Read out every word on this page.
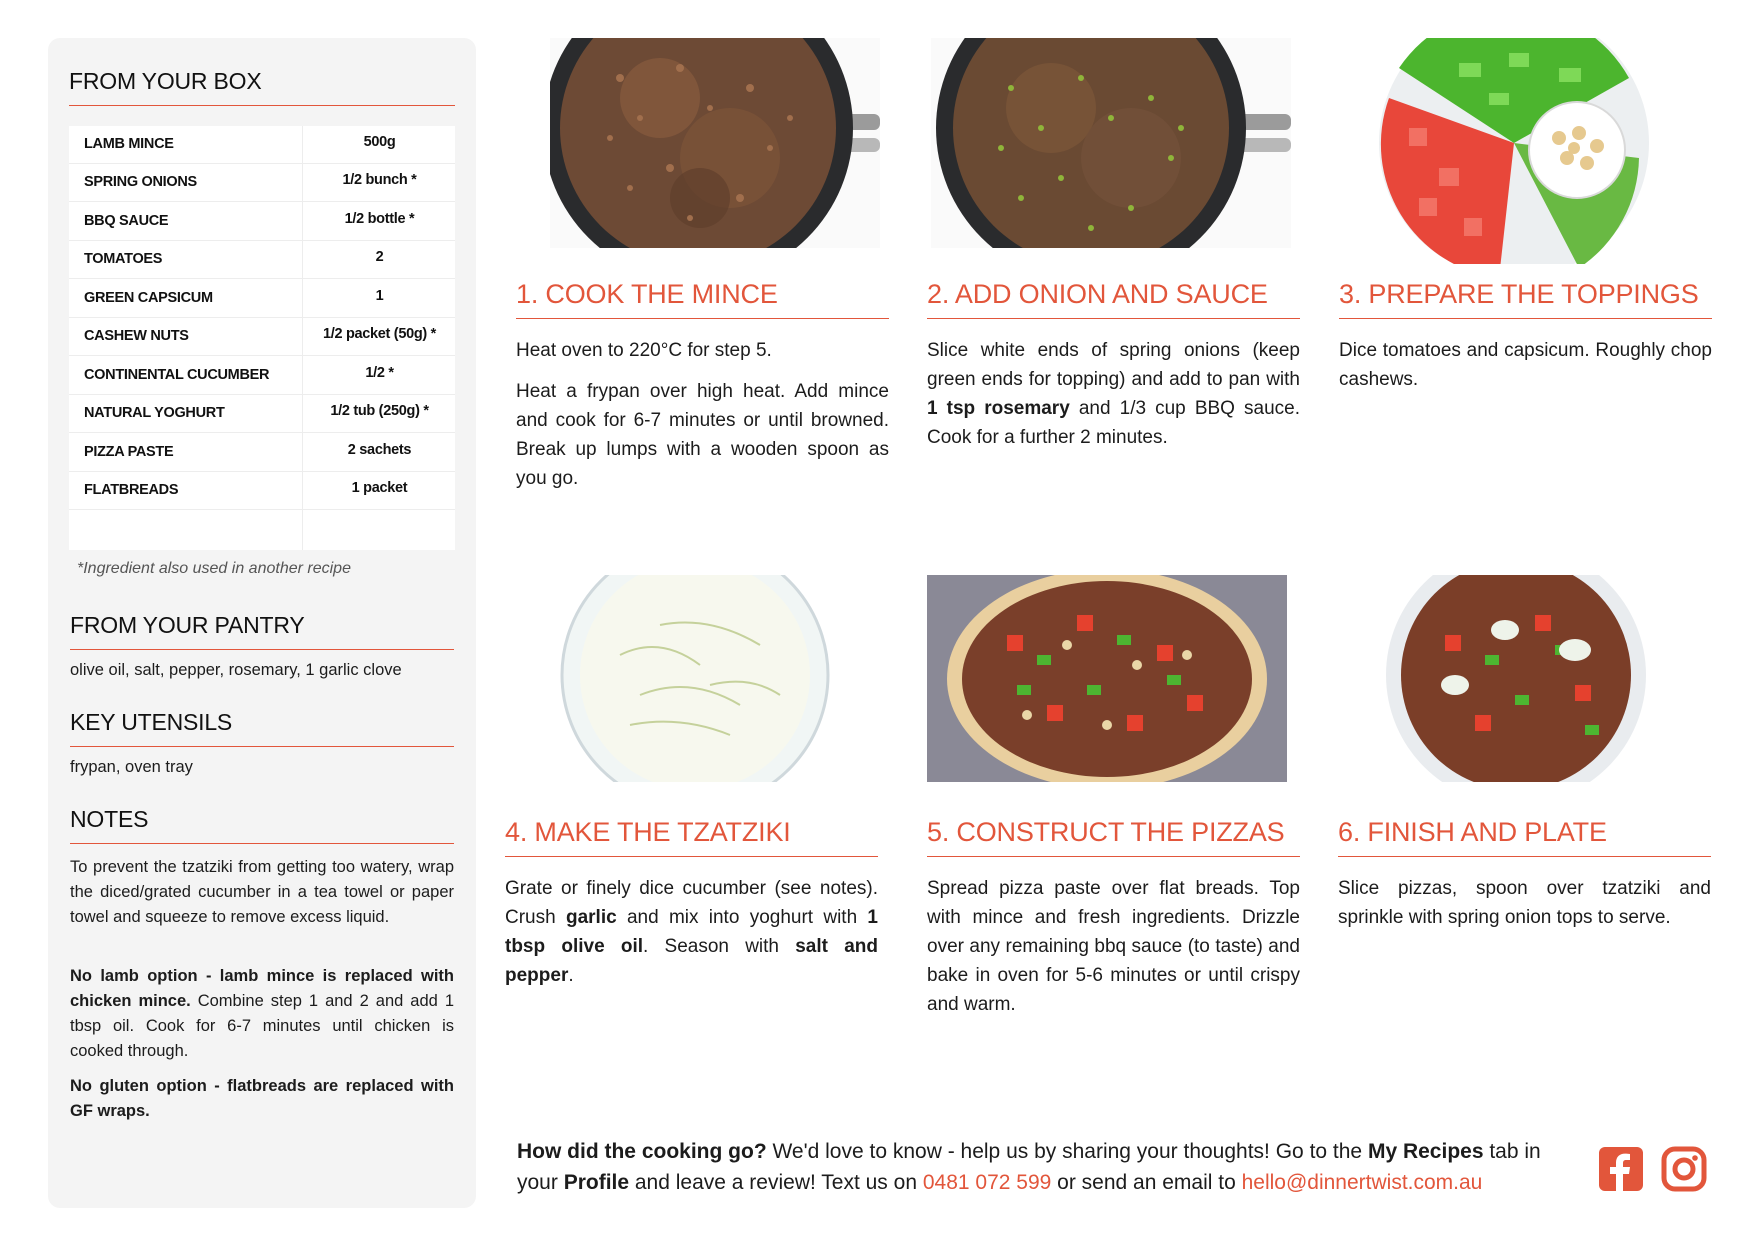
FROM YOUR BOX
LAMB MINCE	500g
SPRING ONIONS	1/2 bunch *
BBQ SAUCE	1/2 bottle *
TOMATOES	2
GREEN CAPSICUM	1
CASHEW NUTS	1/2 packet (50g) *
CONTINENTAL CUCUMBER	1/2 *
NATURAL YOGHURT	1/2 tub (250g) *
PIZZA PASTE	2 sachets
FLATBREADS	1 packet
*Ingredient also used in another recipe
FROM YOUR PANTRY
olive oil, salt, pepper, rosemary, 1 garlic clove
KEY UTENSILS
frypan, oven tray
NOTES

To prevent the tzatziki from getting too watery, wrap the diced/grated cucumber in a tea towel or paper towel and squeeze to remove excess liquid.

No lamb option - lamb mince is replaced with chicken mince. Combine step 1 and 2 and add 1 tbsp oil. Cook for 6-7 minutes until chicken is cooked through.

No gluten option - flatbreads are replaced with GF wraps.

1. COOK THE MINCE

Heat oven to 220°C for step 5.

Heat a frypan over high heat. Add mince and cook for 6-7 minutes or until browned. Break up lumps with a wooden spoon as you go.

2. ADD ONION AND SAUCE

Slice white ends of spring onions (keep green ends for topping) and add to pan with 1 tsp rosemary and 1/3 cup BBQ sauce. Cook for a further 2 minutes.

3. PREPARE THE TOPPINGS

Dice tomatoes and capsicum. Roughly chop cashews.

4. MAKE THE TZATZIKI

Grate or finely dice cucumber (see notes). Crush garlic and mix into yoghurt with 1 tbsp olive oil. Season with salt and pepper.

5. CONSTRUCT THE PIZZAS

Spread pizza paste over flat breads. Top with mince and fresh ingredients. Drizzle over any remaining bbq sauce (to taste) and bake in oven for 5-6 minutes or until crispy and warm.

6. FINISH AND PLATE

Slice pizzas, spoon over tzatziki and sprinkle with spring onion tops to serve.

How did the cooking go? We'd love to know - help us by sharing your thoughts! Go to the My Recipes tab in your Profile and leave a review! Text us on 0481 072 599 or send an email to hello@dinnertwist.com.au
